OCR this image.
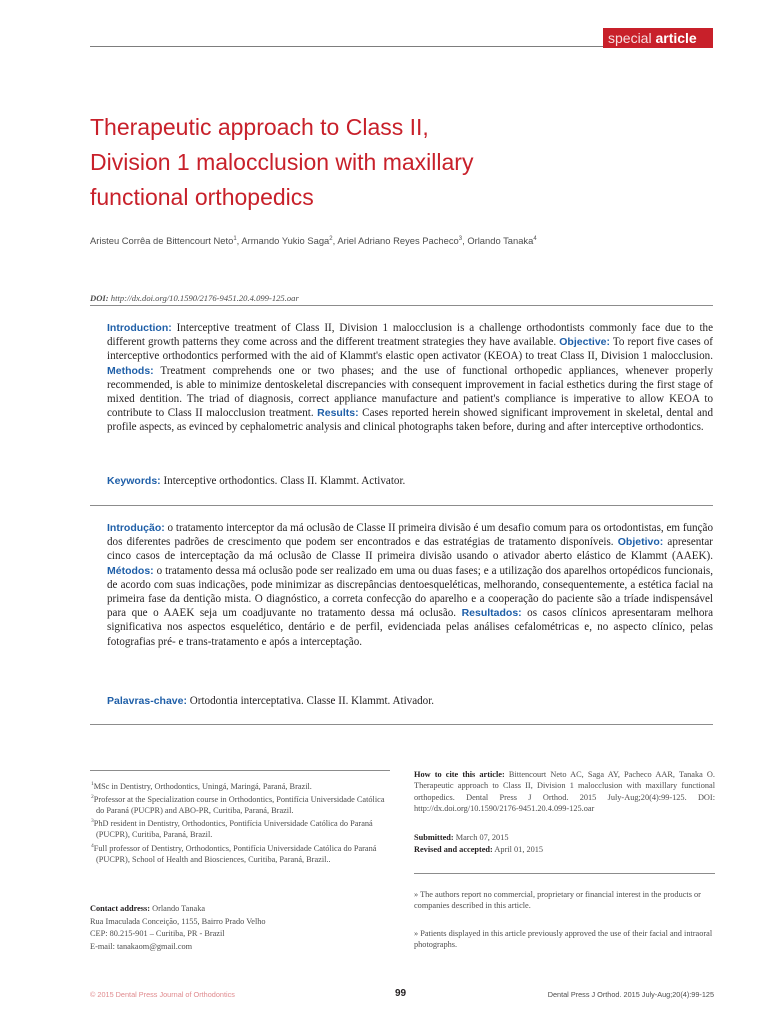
special article
Therapeutic approach to Class II,
Division 1 malocclusion with maxillary
functional orthopedics

Aristeu Corrêa de Bittencourt Neto$^1$, Armando Yukio Saga$^2$, Ariel Adriano Reyes Pacheco$^3$, Orlando Tanaka$^4$

DOI: http://dx.doi.org/10.1590/2176-9451.20.4.099-125.oar

Introduction: Interceptive treatment of Class II, Division 1 malocclusion is a challenge orthodontists commonly face due to the different growth patterns they come across and the different treatment strategies they have available. Objective: To report five cases of interceptive orthodontics performed with the aid of Klammt's elastic open activator (KEOA) to treat Class II, Division 1 malocclusion. Methods: Treatment comprehends one or two phases; and the use of functional orthopedic appliances, whenever properly recommended, is able to minimize dentoskeletal discrepancies with consequent improvement in facial esthetics during the first stage of mixed dentition. The triad of diagnosis, correct appliance manufacture and patient's compliance is imperative to allow KEOA to contribute to Class II malocclusion treatment. Results: Cases reported herein showed significant improvement in skeletal, dental and profile aspects, as evinced by cephalometric analysis and clinical photographs taken before, during and after interceptive orthodontics.

Keywords: Interceptive orthodontics. Class II. Klammt. Activator.

Introdução: o tratamento interceptor da má oclusão de Classe II primeira divisão é um desafio comum para os ortodontistas, em função dos diferentes padrões de crescimento que podem ser encontrados e das estratégias de tratamento disponíveis. Objetivo: apresentar cinco casos de interceptação da má oclusão de Classe II primeira divisão usando o ativador aberto elástico de Klammt (AAEK). Métodos: o tratamento dessa má oclusão pode ser realizado em uma ou duas fases; e a utilização dos aparelhos ortopédicos funcionais, de acordo com suas indicações, pode minimizar as discrepâncias dentoesqueléticas, melhorando, consequentemente, a estética facial na primeira fase da dentição mista. O diagnóstico, a correta confecção do aparelho e a cooperação do paciente são a tríade indispensável para que o AAEK seja um coadjuvante no tratamento dessa má oclusão. Resultados: os casos clínicos apresentaram melhora significativa nos aspectos esquelético, dentário e de perfil, evidenciada pelas análises cefalométricas e, no aspecto clínico, pelas fotografias pré- e trans-tratamento e após a interceptação.

Palavras-chave: Ortodontia interceptativa. Classe II. Klammt. Ativador.

$^1$MSc in Dentistry, Orthodontics, Uningá, Maringá, Paraná, Brazil.
$^2$Professor at the Specialization course in Orthodontics, Pontifícia Universidade Católica do Paraná (PUCPR) and ABO-PR, Curitiba, Paraná, Brazil.
$^3$PhD resident in Dentistry, Orthodontics, Pontifícia Universidade Católica do Paraná (PUCPR), Curitiba, Paraná, Brazil.
$^4$Full professor of Dentistry, Orthodontics, Pontifícia Universidade Católica do Paraná (PUCPR), School of Health and Biosciences, Curitiba, Paraná, Brazil..

Contact address: Orlando Tanaka
Rua Imaculada Conceição, 1155, Bairro Prado Velho
CEP: 80.215-901 – Curitiba, PR - Brazil
E-mail: tanakaom@gmail.com

How to cite this article: Bittencourt Neto AC, Saga AY, Pacheco AAR, Tanaka O. Therapeutic approach to Class II, Division 1 malocclusion with maxillary functional orthopedics. Dental Press J Orthod. 2015 July-Aug;20(4):99-125. DOI: http://dx.doi.org/10.1590/2176-9451.20.4.099-125.oar

Submitted: March 07, 2015
Revised and accepted: April 01, 2015

» The authors report no commercial, proprietary or financial interest in the products or companies described in this article.

» Patients displayed in this article previously approved the use of their facial and intraoral photographs.

© 2015 Dental Press Journal of Orthodontics	99	Dental Press J Orthod. 2015 July-Aug;20(4):99-125
